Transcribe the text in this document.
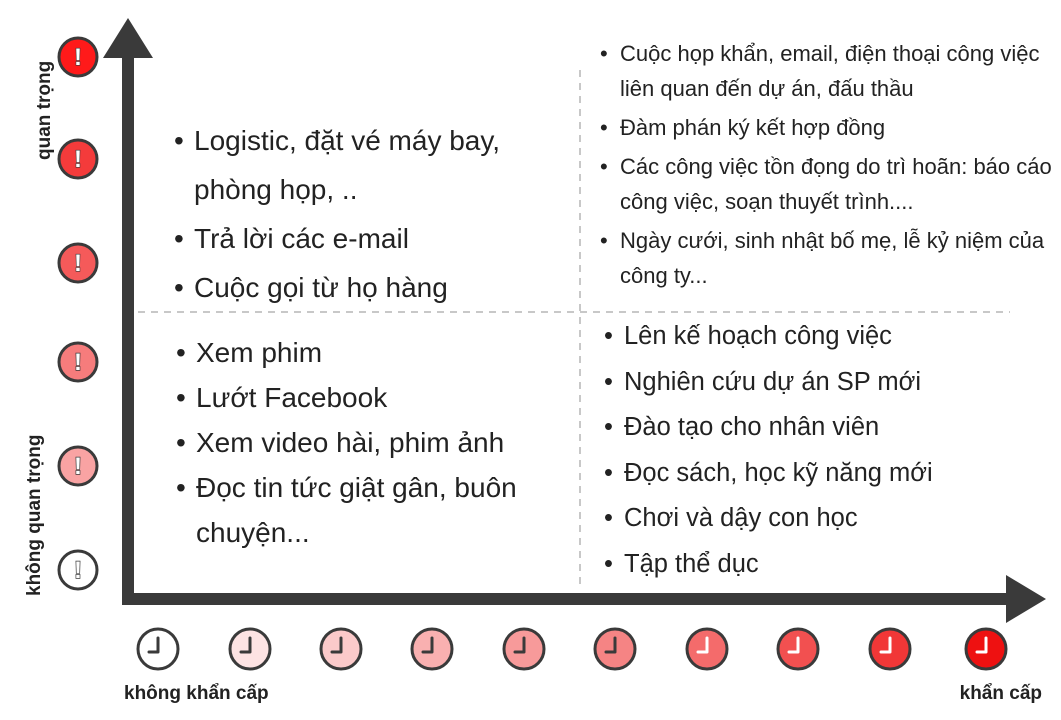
!
!
!
!
!
!
• Logistic, đặt vé máy bay, phòng họp, ..
• Trả lời các e-mail
• Cuộc gọi từ họ hàng
• Cuộc họp khẩn, email, điện thoại công việc liên quan đến dự án, đấu thầu
• Đàm phán ký kết hợp đồng
• Các công việc tồn đọng do trì hoãn: báo cáo công việc, soạn thuyết trình....
• Ngày cưới, sinh nhật bố mẹ, lễ kỷ niệm của công ty...
• Xem phim
• Lướt Facebook
• Xem video hài, phim ảnh
• Đọc tin tức giật gân, buôn chuyện...
• Lên kế hoạch công việc
• Nghiên cứu dự án SP mới
• Đào tạo cho nhân viên
• Đọc sách, học kỹ năng mới
• Chơi và dậy con học
• Tập thể dục
không khẩn cấp	khẩn cấp
quan trọng
không quan trọng
